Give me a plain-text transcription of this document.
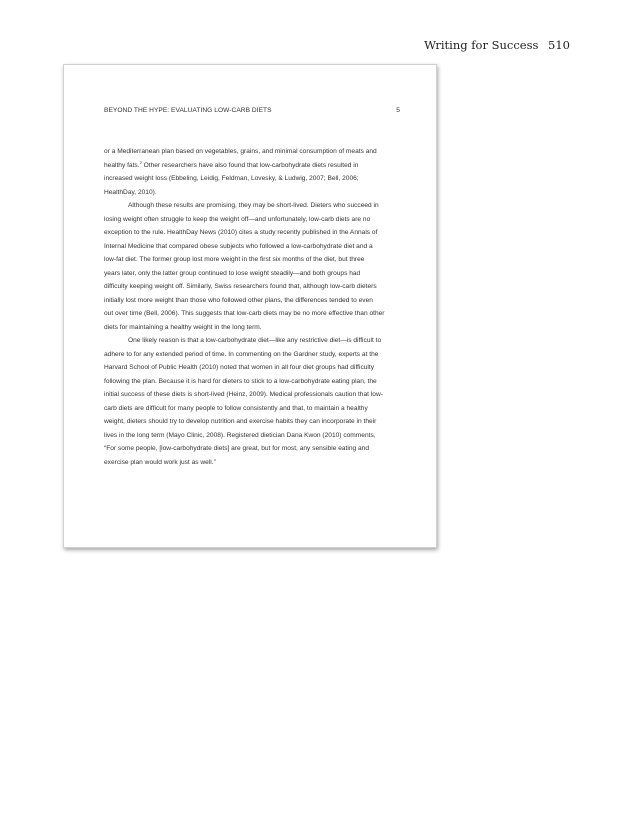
Writing for Success 510
BEYOND THE HYPE: EVALUATING LOW-CARB DIETS	5

or a Mediterranean plan based on vegetables, grains, and minimal consumption of meats and

healthy fats.$^2$ Other researchers have also found that low-carbohydrate diets resulted in

increased weight loss (Ebbeling, Leidig, Feldman, Lovesky, & Ludwig, 2007; Bell, 2006;

HealthDay, 2010).

Although these results are promising, they may be short-lived. Dieters who succeed in

losing weight often struggle to keep the weight off—and unfortunately, low-carb diets are no

exception to the rule. HealthDay News (2010) cites a study recently published in the Annals of

Internal Medicine that compared obese subjects who followed a low-carbohydrate diet and a

low-fat diet. The former group lost more weight in the first six months of the diet, but three

years later, only the latter group continued to lose weight steadily—and both groups had

difficulty keeping weight off. Similarly, Swiss researchers found that, although low-carb dieters

initially lost more weight than those who followed other plans, the differences tended to even

out over time (Bell, 2006). This suggests that low-carb diets may be no more effective than other

diets for maintaining a healthy weight in the long term.

One likely reason is that a low-carbohydrate diet—like any restrictive diet—is difficult to

adhere to for any extended period of time. In commenting on the Gardner study, experts at the

Harvard School of Public Health (2010) noted that women in all four diet groups had difficulty

following the plan. Because it is hard for dieters to stick to a low-carbohydrate eating plan, the

initial success of these diets is short-lived (Heinz, 2009). Medical professionals caution that low-

carb diets are difficult for many people to follow consistently and that, to maintain a healthy

weight, dieters should try to develop nutrition and exercise habits they can incorporate in their

lives in the long term (Mayo Clinic, 2008). Registered dietician Dana Kwon (2010) comments,

“For some people, [low-carbohydrate diets] are great, but for most, any sensible eating and

exercise plan would work just as well.”
